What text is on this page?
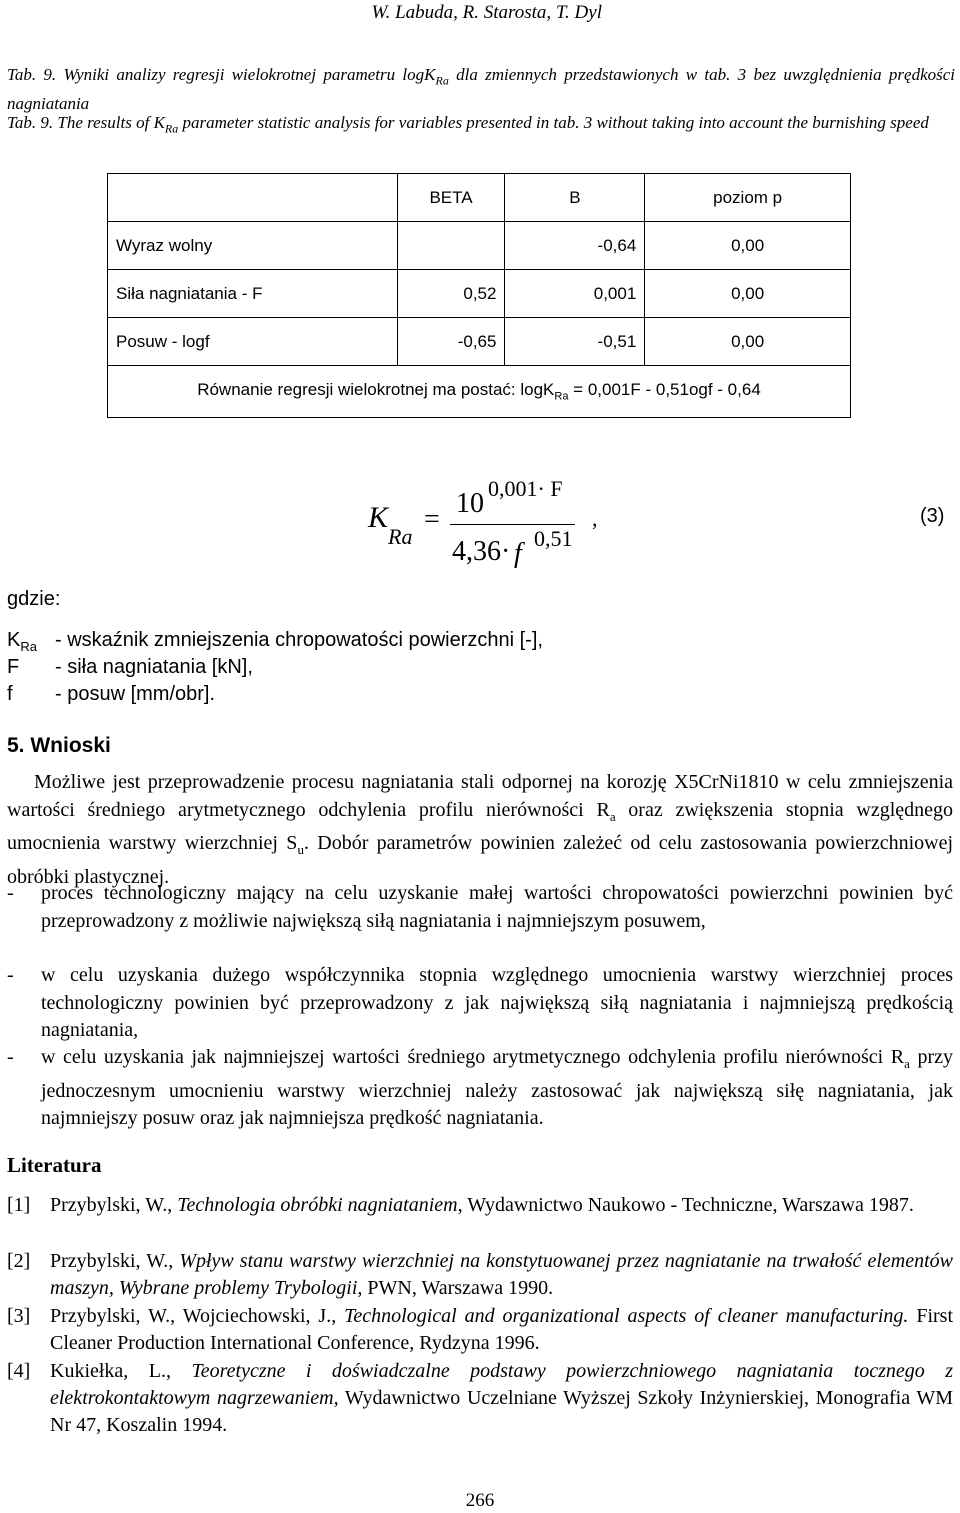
W. Labuda, R. Starosta, T. Dyl
Tab. 9. Wyniki analizy regresji wielokrotnej parametru logK$_{Ra}$ dla zmiennych przedstawionych w tab. 3 bez uwzględnienia prędkości nagniatania
Tab. 9. The results of $K_{Ra}$ parameter statistic analysis for variables presented in tab. 3 without taking into account the burnishing speed
	BETA	B	poziom p
Wyraz wolny		-0,64	0,00
Siła nagniatania - F	0,52	0,001	0,00
Posuw - logf	-0,65	-0,51	0,00
Równanie regresji wielokrotnej ma postać: logK$_{Ra}$ = 0,001F - 0,51ogf - 0,64			
K
Ra
=
10 0,001· F
4,36· f 0,51
,	(3)
gdzie:
$K_{Ra}$ - wskaźnik zmniejszenia chropowatości powierzchni [-],
F - siła nagniatania [kN],
f - posuw [mm/obr].
5. Wnioski
Możliwe jest przeprowadzenie procesu nagniatania stali odpornej na korozję X5CrNi1810 w celu zmniejszenia wartości średniego arytmetycznego odchylenia profilu nierówności $R_a$ oraz zwiększenia stopnia względnego umocnienia warstwy wierzchniej $S_u$. Dobór parametrów powinien zależeć od celu zastosowania powierzchniowej obróbki plastycznej.
- proces technologiczny mający na celu uzyskanie małej wartości chropowatości powierzchni powinien być przeprowadzony z możliwie największą siłą nagniatania i najmniejszym posuwem,
- w celu uzyskania dużego współczynnika stopnia względnego umocnienia warstwy wierzchniej proces technologiczny powinien być przeprowadzony z jak największą siłą nagniatania i najmniejszą prędkością nagniatania,
- w celu uzyskania jak najmniejszej wartości średniego arytmetycznego odchylenia profilu nierówności $R_a$ przy jednoczesnym umocnieniu warstwy wierzchniej należy zastosować jak największą siłę nagniatania, jak najmniejszy posuw oraz jak najmniejsza prędkość nagniatania.
Literatura
[1] Przybylski, W., Technologia obróbki nagniataniem, Wydawnictwo Naukowo - Techniczne, Warszawa 1987.
[2] Przybylski, W., Wpływ stanu warstwy wierzchniej na konstytuowanej przez nagniatanie na trwałość elementów maszyn, Wybrane problemy Trybologii, PWN, Warszawa 1990.
[3] Przybylski, W., Wojciechowski, J., Technological and organizational aspects of cleaner manufacturing. First Cleaner Production International Conference, Rydzyna 1996.
[4] Kukiełka, L., Teoretyczne i doświadczalne podstawy powierzchniowego nagniatania tocznego z elektrokontaktowym nagrzewaniem, Wydawnictwo Uczelniane Wyższej Szkoły Inżynierskiej, Monografia WM Nr 47, Koszalin 1994.
266
